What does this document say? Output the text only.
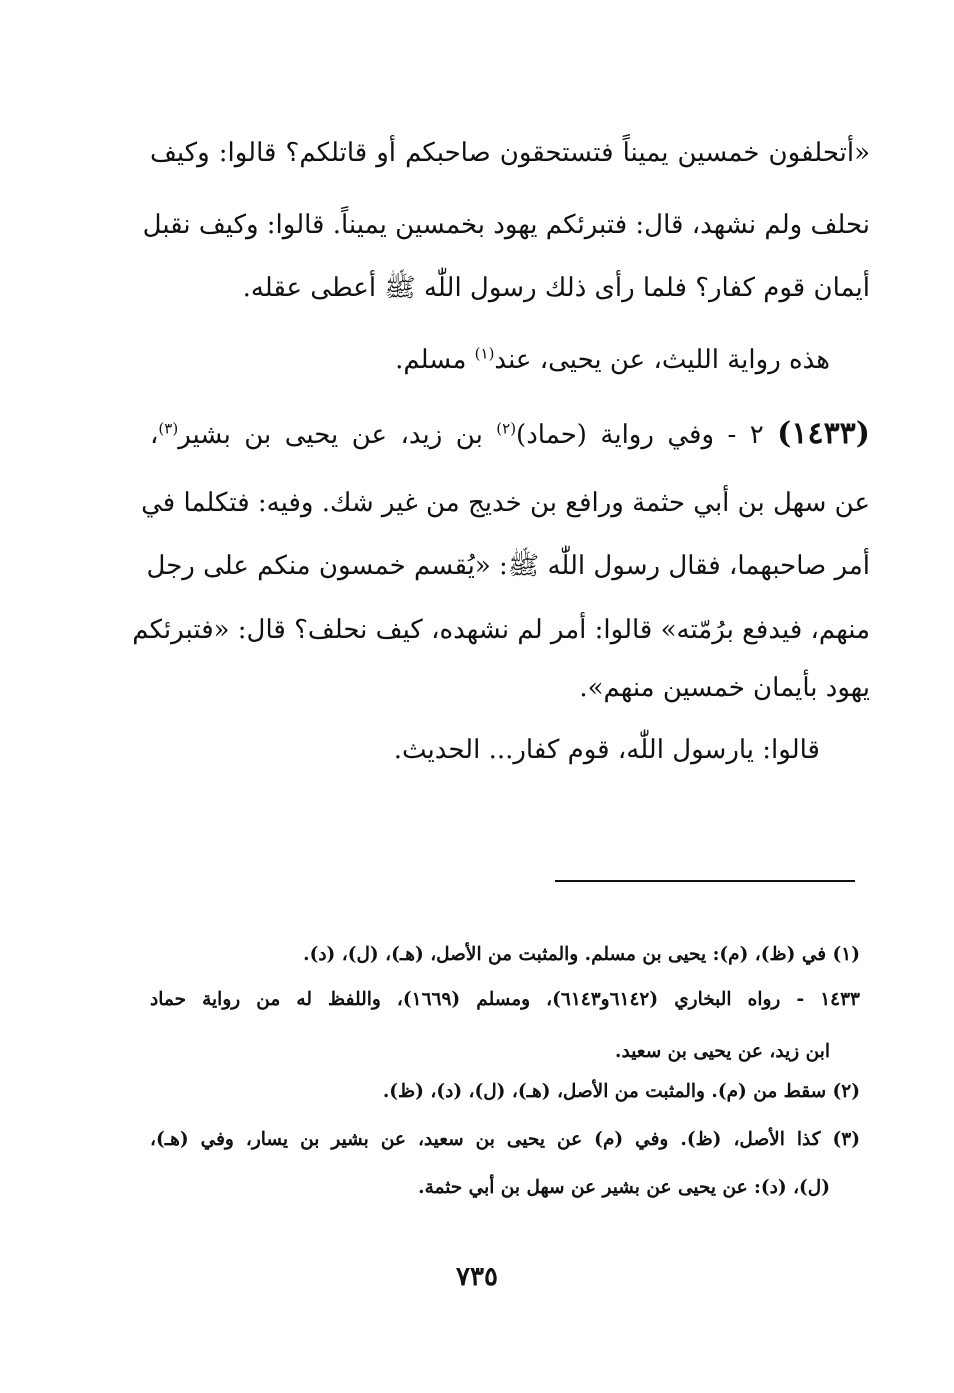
«أتحلفون خمسين يميناً فتستحقون صاحبكم أو قاتلكم؟ قالوا: وكيف
نحلف ولم نشهد، قال: فتبرئكم يهود بخمسين يميناً. قالوا: وكيف نقبل
أيمان قوم كفار؟ فلما رأى ذلك رسول اللّٰه ﷺ أعطى عقله.
هذه رواية الليث، عن يحيى، عند$^{(١)}$ مسلم.
(١٤٣٣) ٢ - وفي رواية (حماد)$^{(٢)}$ بن زيد، عن يحيى بن بشير$^{(٣)}$،
عن سهل بن أبي حثمة ورافع بن خديج من غير شك. وفيه: فتكلما في
أمر صاحبهما، فقال رسول اللّٰه ﷺ: «يُقسم خمسون منكم على رجل
منهم، فيدفع برُمّته» قالوا: أمر لم نشهده، كيف نحلف؟ قال: «فتبرئكم
يهود بأيمان خمسين منهم».
قالوا: يارسول اللّٰه، قوم كفار... الحديث.
(١) في (ظ)، (م): يحيى بن مسلم. والمثبت من الأصل، (هـ)، (ل)، (د).
١٤٣٣ - رواه البخاري (٦١٤٢و٦١٤٣)، ومسلم (١٦٦٩)، واللفظ له من رواية حماد
ابن زيد، عن يحيى بن سعيد.
(٢) سقط من (م). والمثبت من الأصل، (هـ)، (ل)، (د)، (ظ).
(٣) كذا الأصل، (ظ). وفي (م) عن يحيى بن سعيد، عن بشير بن يسار، وفي (هـ)،
(ل)، (د): عن يحيى عن بشير عن سهل بن أبي حثمة.
٧٣٥
